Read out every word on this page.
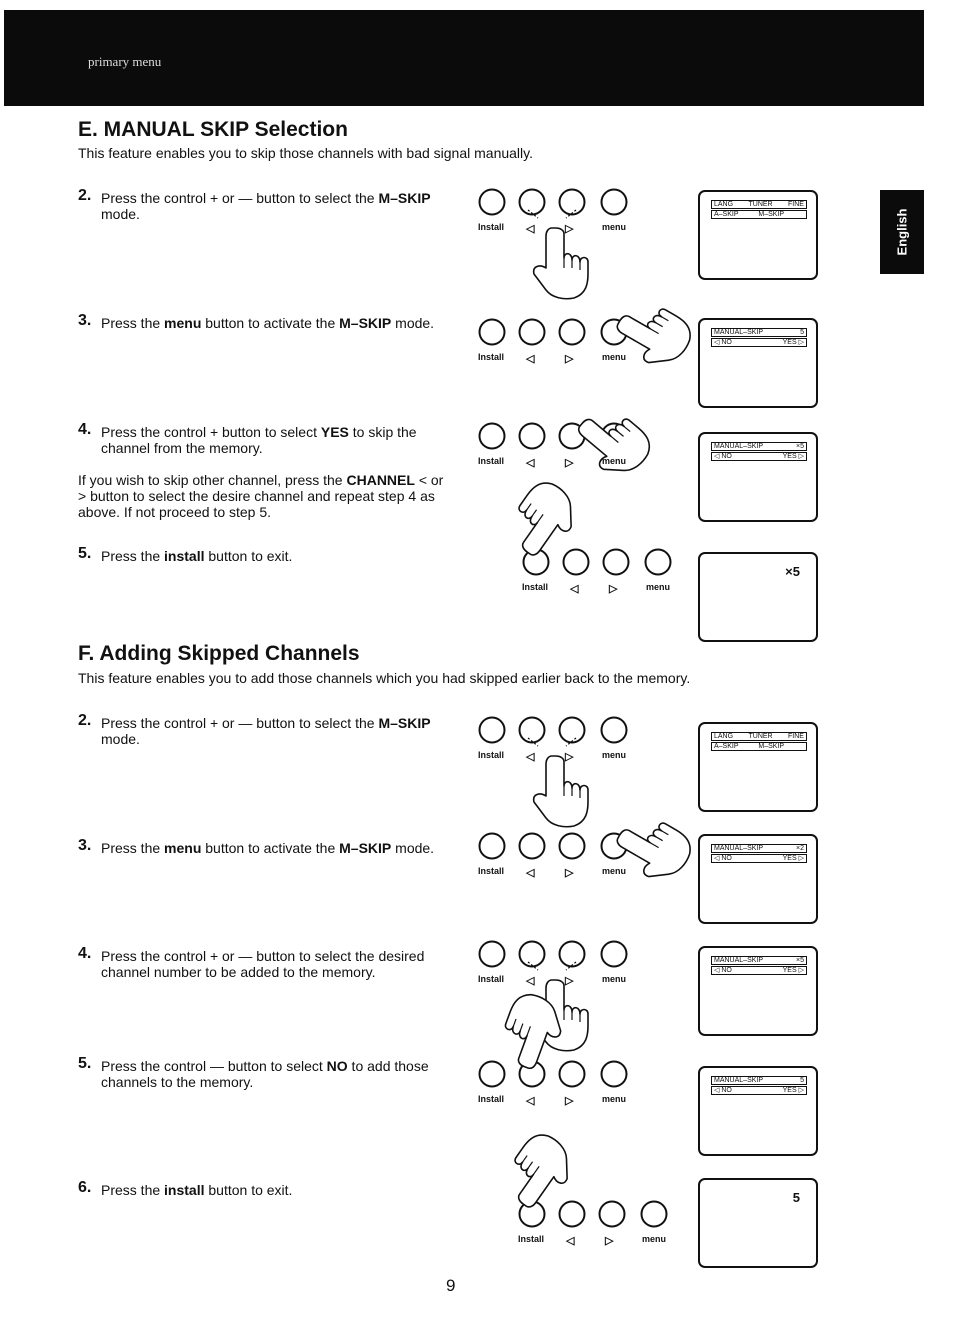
primary menu
English
E. MANUAL SKIP Selection
This feature enables you to skip those channels with bad signal manually.
F. Adding Skipped Channels
This feature enables you to add those channels which you had skipped earlier back to the memory.
2. Press the control + or — button to select the M–SKIP mode.
3. Press the menu button to activate the M–SKIP mode.
4. Press the control + button to select YES to skip the channel from the memory.
If you wish to skip other channel, press the CHANNEL < or > button to select the desire channel and repeat step 4 as above. If not proceed to step 5.
5. Press the install button to exit.
2. Press the control + or — button to select the M–SKIP mode.
3. Press the menu button to activate the M–SKIP mode.
4. Press the control + or — button to select the desired channel number to be added to the memory.
5. Press the control — button to select NO to add those channels to the memory.
6. Press the install button to exit.
Install ◁	▷	menu
Install ◁	▷	menu
Install ◁	▷	menu
Install ◁	▷	menu
Install ◁	▷	menu
Install ◁	▷	menu
Install ◁	▷	menu
Install ◁	▷	menu
Install ◁	▷	menu
LANG TUNER FINE
A–SKIP	M–SKIP
MANUAL–SKIP	5
◁ NO	YES ▷
MANUAL–SKIP	×5
◁ NO	YES ▷
×5
LANG TUNER FINE
A–SKIP	M–SKIP
MANUAL–SKIP	×2
◁ NO	YES ▷
MANUAL–SKIP	×5
◁ NO	YES ▷
MANUAL–SKIP	5
◁ NO	YES ▷
5
9
